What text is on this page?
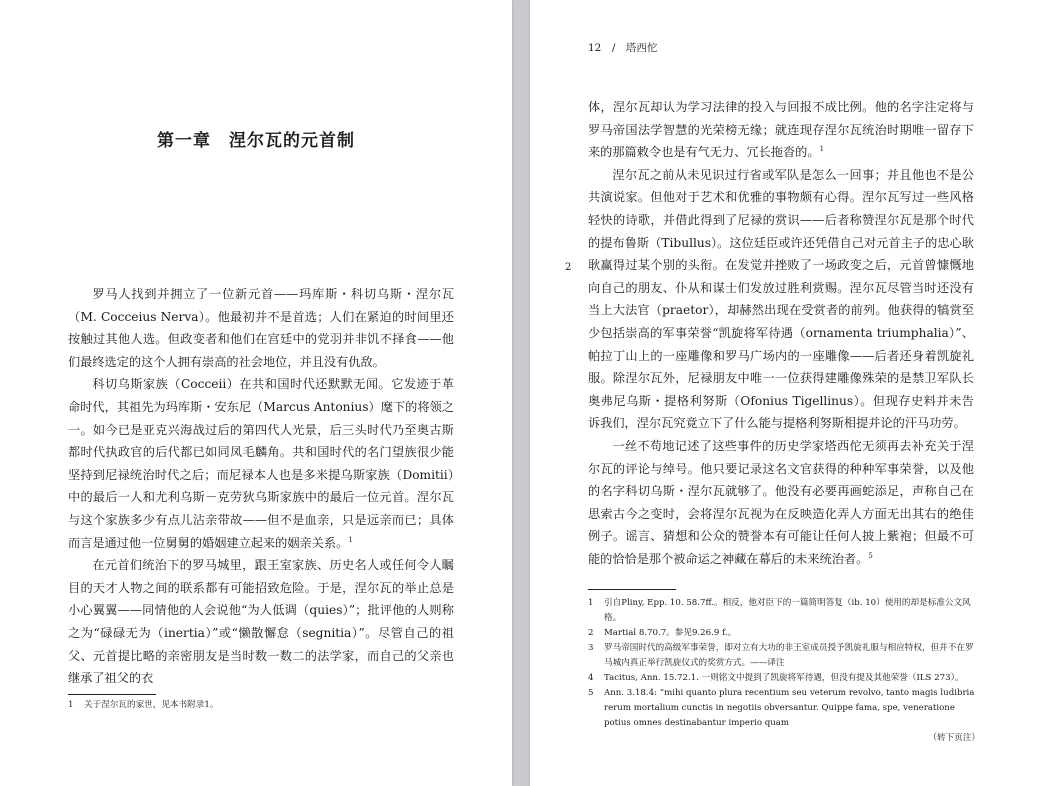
第一章　涅尔瓦的元首制

罗马人找到并拥立了一位新元首——玛库斯・科切乌斯・涅尔瓦（M. Cocceius Nerva）。他最初并不是首选；人们在紧迫的时间里还按触过其他人选。但政变者和他们在宫廷中的党羽并非饥不择食——他们最终选定的这个人拥有崇高的社会地位，并且没有仇敌。

科切乌斯家族（Cocceii）在共和国时代还默默无闻。它发迹于革命时代，其祖先为玛库斯・安东尼（Marcus Antonius）麾下的将领之一。如今已是亚克兴海战过后的第四代人光景，后三头时代乃至奥古斯都时代执政官的后代都已如同凤毛麟角。共和国时代的名门望族很少能坚持到尼禄统治时代之后；而尼禄本人也是多米提乌斯家族（Domitii）中的最后一人和尤利乌斯－克劳狄乌斯家族中的最后一位元首。涅尔瓦与这个家族多少有点儿沾亲带故——但不是血亲，只是远亲而已；具体而言是通过他一位舅舅的婚姻建立起来的姻亲关系。$^1$

在元首们统治下的罗马城里，跟王室家族、历史名人或任何令人瞩目的天才人物之间的联系都有可能招致危险。于是，涅尔瓦的举止总是小心翼翼——同情他的人会说他“为人低调（quies）”；批评他的人则称之为“碌碌无为（inertia）”或“懒散懈怠（segnitia）”。尽管自己的祖父、元首提比略的亲密朋友是当时数一数二的法学家，而自己的父亲也继承了祖父的衣

1 关于涅尔瓦的家世，见本书附录1。
12　/　塔西佗
2

体，涅尔瓦却认为学习法律的投入与回报不成比例。他的名字注定将与罗马帝国法学智慧的光荣榜无缘；就连现存涅尔瓦统治时期唯一留存下来的那篇敕令也是有气无力、冗长拖沓的。$^1$

涅尔瓦之前从未见识过行省或军队是怎么一回事；并且他也不是公共演说家。但他对于艺术和优雅的事物颇有心得。涅尔瓦写过一些风格轻快的诗歌，并借此得到了尼禄的赏识——后者称赞涅尔瓦是那个时代的提布鲁斯（Tibullus）。这位廷臣或许还凭借自己对元首主子的忠心耿耿赢得过某个别的头衔。在发觉并挫败了一场政变之后，元首曾慷慨地向自己的朋友、仆从和谋士们发放过胜利赏赐。涅尔瓦尽管当时还没有当上大法官（praetor），却赫然出现在受赏者的前列。他获得的犒赏至少包括崇高的军事荣誉“凯旋将军待遇（ornamenta triumphalia）”、帕拉丁山上的一座雕像和罗马广场内的一座雕像——后者还身着凯旋礼服。除涅尔瓦外，尼禄朋友中唯一一位获得建雕像殊荣的是禁卫军队长奥弗尼乌斯・提格利努斯（Ofonius Tigellinus）。但现存史料并未告诉我们，涅尔瓦究竟立下了什么能与提格利努斯相提并论的汗马功劳。

一丝不苟地记述了这些事件的历史学家塔西佗无须再去补充关于涅尔瓦的评论与绰号。他只要记录这名文官获得的种种军事荣誉，以及他的名字科切乌斯・涅尔瓦就够了。他没有必要再画蛇添足，声称自己在思索古今之变时，会将涅尔瓦视为在反映造化弄人方面无出其右的绝佳例子。谣言、猜想和公众的赞誉本有可能让任何人披上紫袍；但最不可能的恰恰是那个被命运之神藏在幕后的未来统治者。$^5$

1 引自Pliny, Epp. 10. 58.7ff.。相反，他对臣下的一篇简明答复（ib. 10）使用的却是标准公文风格。
2 Martial 8.70.7。参见9.26.9 f.。
3 罗马帝国时代的高级军事荣誉，即对立有大功的非王室成员授予凯旋礼服与相应特权，但并不在罗马城内真正举行凯旋仪式的奖赏方式。——译注
4 Tacitus, Ann. 15.72.1. 一则铭文中提到了凯旋将军待遇，但没有提及其他荣誉（ILS 273）。
5 Ann. 3.18.4: “mihi quanto plura recentium seu veterum revolvo, tanto magis ludibria rerum mortalium cunctis in negotiis obversantur. Quippe fama, spe, veneratione potius omnes destinabantur imperio quam
（转下页注）
